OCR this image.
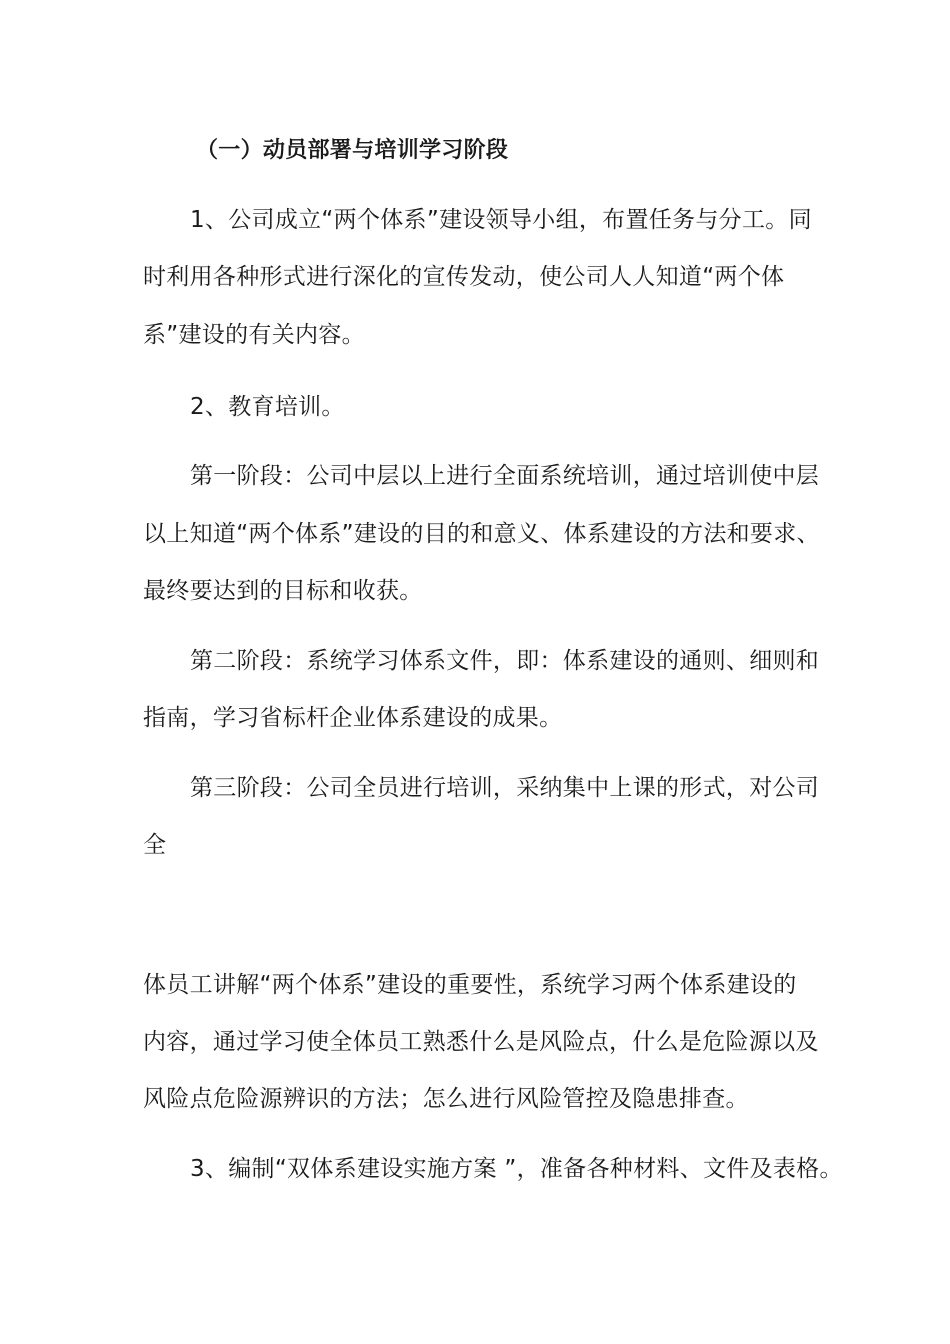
（一）动员部署与培训学习阶段
1、公司成立“两个体系”建设领导小组，布置任务与分工。同
时利用各种形式进行深化的宣传发动，使公司人人知道“两个体
系”建设的有关内容。
2、教育培训。
第一阶段：公司中层以上进行全面系统培训，通过培训使中层
以上知道“两个体系”建设的目的和意义、体系建设的方法和要求、
最终要达到的目标和收获。
第二阶段：系统学习体系文件，即：体系建设的通则、细则和
指南，学习省标杆企业体系建设的成果。
第三阶段：公司全员进行培训，采纳集中上课的形式，对公司
全
体员工讲解“两个体系”建设的重要性，系统学习两个体系建设的
内容，通过学习使全体员工熟悉什么是风险点，什么是危险源以及
风险点危险源辨识的方法；怎么进行风险管控及隐患排查。
3、编制“双体系建设实施方案 ”，准备各种材料、文件及表格。
